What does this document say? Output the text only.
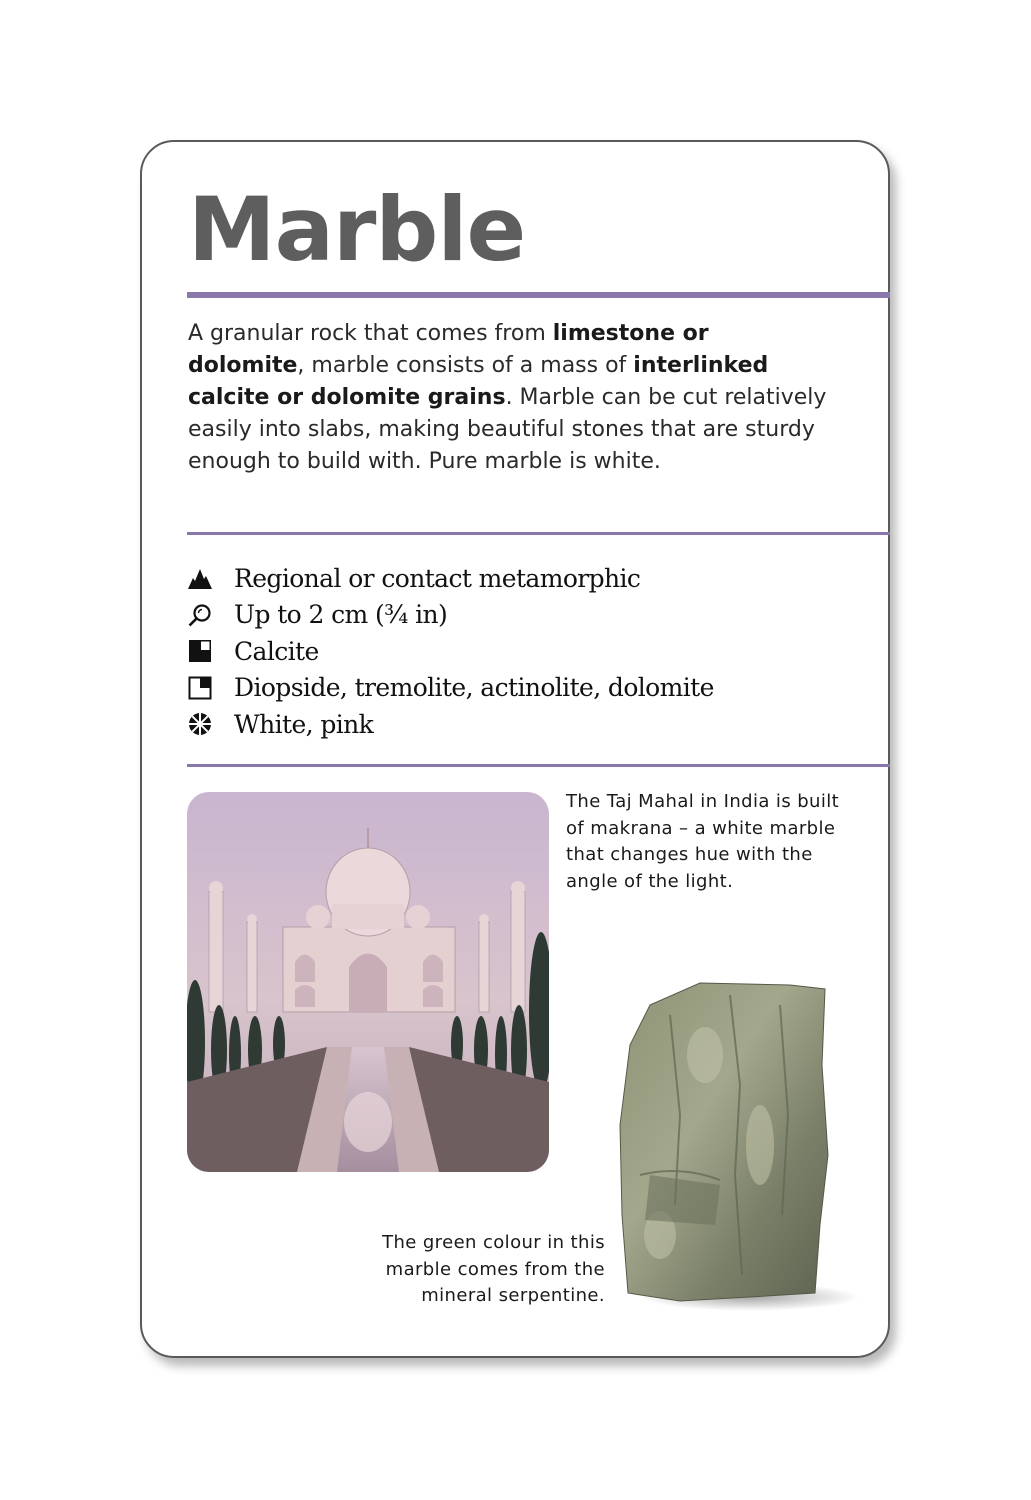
Marble

A granular rock that comes from limestone or dolomite, marble consists of a mass of interlinked calcite or dolomite grains. Marble can be cut relatively easily into slabs, making beautiful stones that are sturdy enough to build with. Pure marble is white.

Regional or contact metamorphic
Up to 2 cm (¾ in)
Calcite
Diopside, tremolite, actinolite, dolomite
White, pink

The Taj Mahal in India is built of makrana – a white marble that changes hue with the angle of the light.

The green colour in this marble comes from the mineral serpentine.
